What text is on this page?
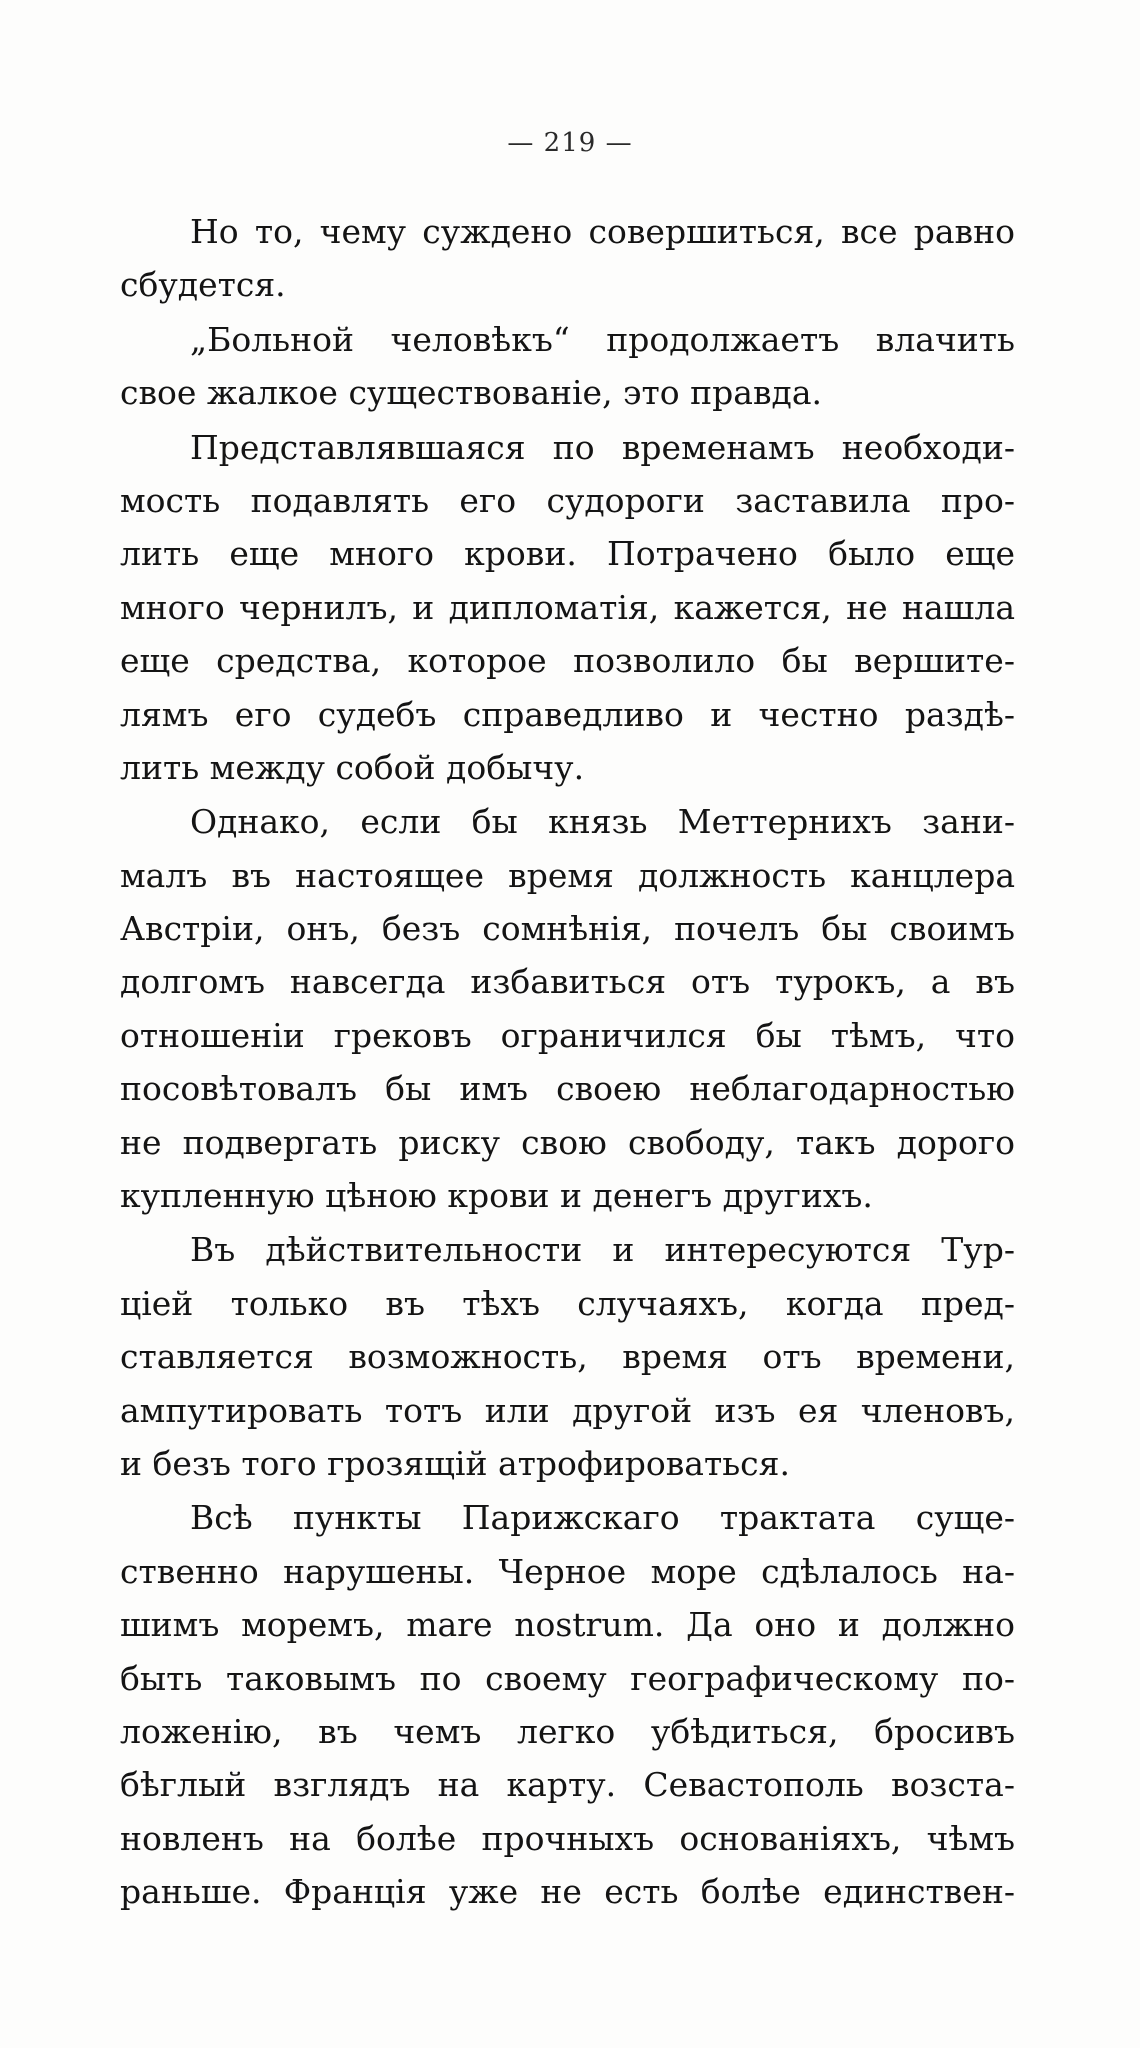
— 219 —
Но то, чему суждено совершиться, все равно
сбудется.
„Больной человѣкъ“ продолжаетъ влачить
свое жалкое существованіе, это правда.
Представлявшаяся по временамъ необходи-
мость подавлять его судороги заставила про-
лить еще много крови. Потрачено было еще
много чернилъ, и дипломатія, кажется, не нашла
еще средства, которое позволило бы вершите-
лямъ его судебъ справедливо и честно раздѣ-
лить между собой добычу.
Однако, если бы князь Меттернихъ зани-
малъ въ настоящее время должность канцлера
Австріи, онъ, безъ сомнѣнія, почелъ бы своимъ
долгомъ навсегда избавиться отъ турокъ, а въ
отношеніи грековъ ограничился бы тѣмъ, что
посовѣтовалъ бы имъ своею неблагодарностью
не подвергать риску свою свободу, такъ дорого
купленную цѣною крови и денегъ другихъ.
Въ дѣйствительности и интересуются Тур-
ціей только въ тѣхъ случаяхъ, когда пред-
ставляется возможность, время отъ времени,
ампутировать тотъ или другой изъ ея членовъ,
и безъ того грозящій атрофироваться.
Всѣ пункты Парижскаго трактата суще-
ственно нарушены. Черное море сдѣлалось на-
шимъ моремъ, mare nostrum. Да оно и должно
быть таковымъ по своему географическому по-
ложенію, въ чемъ легко убѣдиться, бросивъ
бѣглый взглядъ на карту. Севастополь возста-
новленъ на болѣе прочныхъ основаніяхъ, чѣмъ
раньше. Франція уже не есть болѣе единствен-
